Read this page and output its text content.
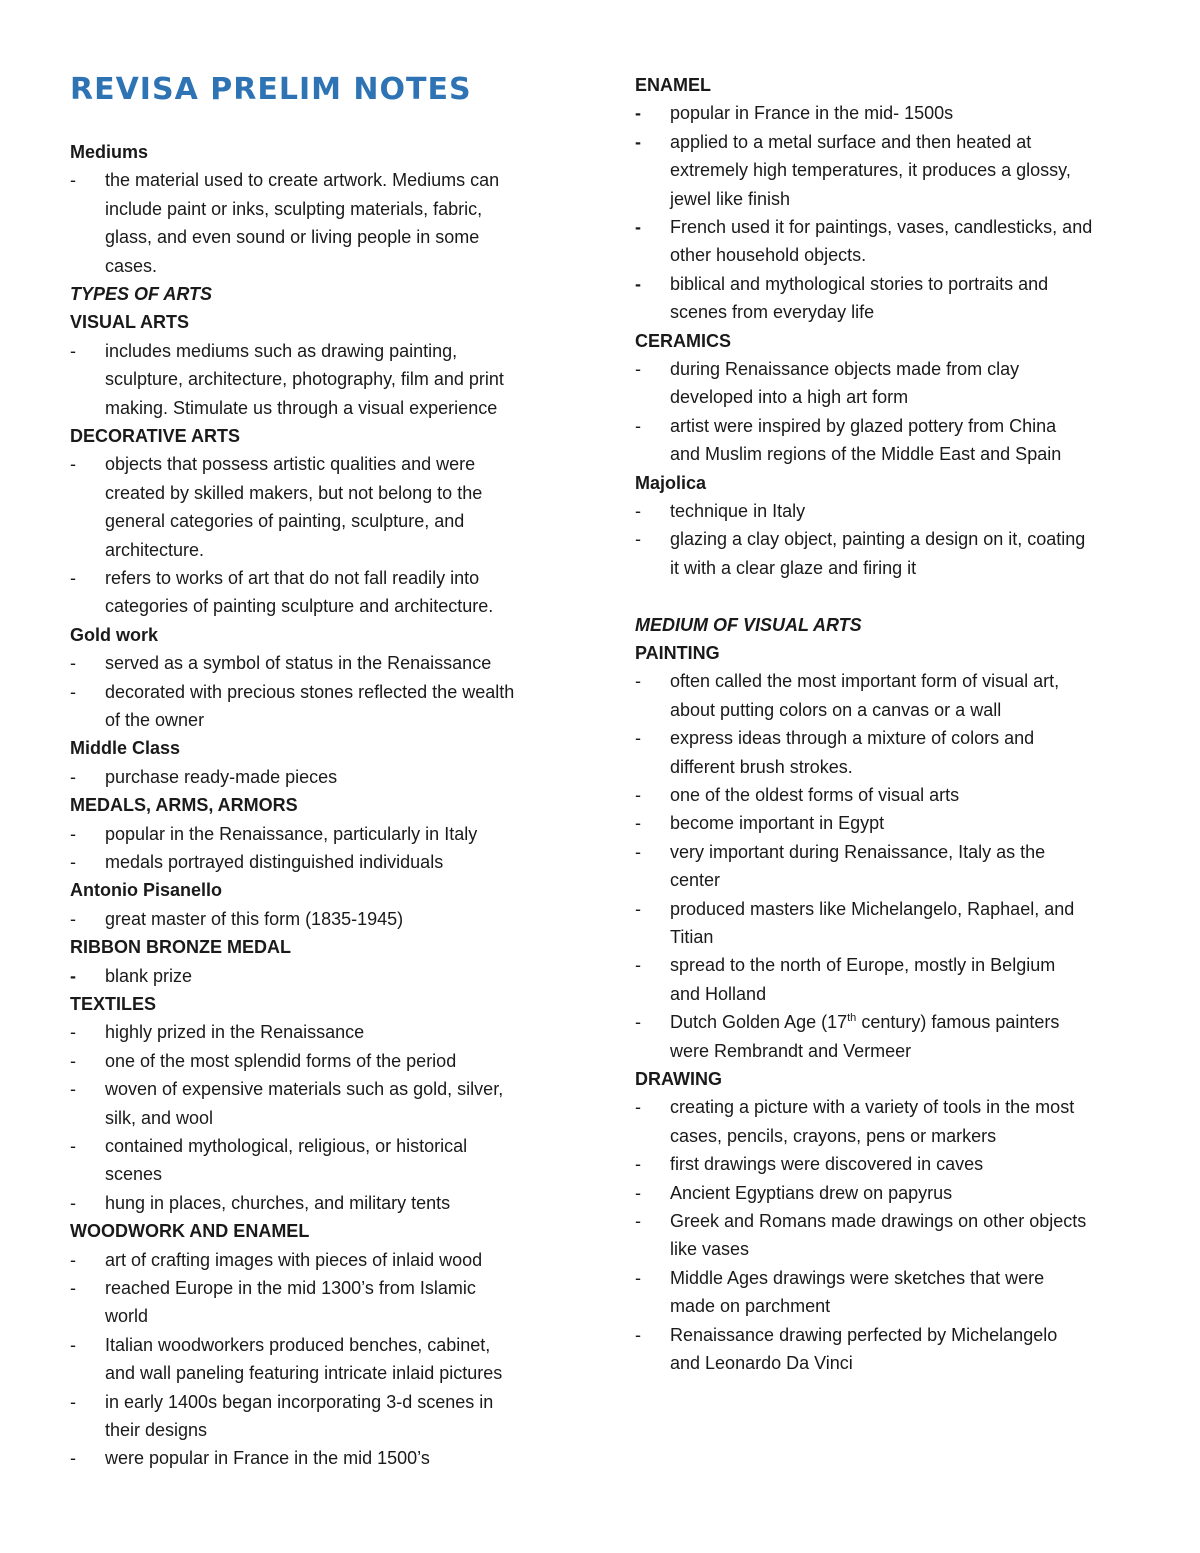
REVISA PRELIM NOTES
Mediums
-	the material used to create artwork. Mediums can
include paint or inks, sculpting materials, fabric,
glass, and even sound or living people in some
cases.
TYPES OF ARTS
VISUAL ARTS
-	includes mediums such as drawing painting,
sculpture, architecture, photography, film and print
making. Stimulate us through a visual experience
DECORATIVE ARTS
-	objects that possess artistic qualities and were
created by skilled makers, but not belong to the
general categories of painting, sculpture, and
architecture.
-	refers to works of art that do not fall readily into
categories of painting sculpture and architecture.
Gold work
-	served as a symbol of status in the Renaissance
-	decorated with precious stones reflected the wealth
of the owner
Middle Class
-	purchase ready-made pieces
MEDALS, ARMS, ARMORS
-	popular in the Renaissance, particularly in Italy
-	medals portrayed distinguished individuals
Antonio Pisanello
-	great master of this form (1835-1945)
RIBBON BRONZE MEDAL
-	blank prize
TEXTILES
-	highly prized in the Renaissance
-	one of the most splendid forms of the period
-	woven of expensive materials such as gold, silver,
silk, and wool
-	contained mythological, religious, or historical
scenes
-	hung in places, churches, and military tents
WOODWORK AND ENAMEL
-	art of crafting images with pieces of inlaid wood
-	reached Europe in the mid 1300’s from Islamic
world
-	Italian woodworkers produced benches, cabinet,
and wall paneling featuring intricate inlaid pictures
-	in early 1400s began incorporating 3-d scenes in
their designs
-	were popular in France in the mid 1500’s
ENAMEL
-	popular in France in the mid- 1500s
-	applied to a metal surface and then heated at
extremely high temperatures, it produces a glossy,
jewel like finish
-	French used it for paintings, vases, candlesticks, and
other household objects.
-	biblical and mythological stories to portraits and
scenes from everyday life
CERAMICS
-	during Renaissance objects made from clay
developed into a high art form
-	artist were inspired by glazed pottery from China
and Muslim regions of the Middle East and Spain
Majolica
-	technique in Italy
-	glazing a clay object, painting a design on it, coating
it with a clear glaze and firing it
MEDIUM OF VISUAL ARTS
PAINTING
-	often called the most important form of visual art,
about putting colors on a canvas or a wall
-	express ideas through a mixture of colors and
different brush strokes.
-	one of the oldest forms of visual arts
-	become important in Egypt
-	very important during Renaissance, Italy as the
center
-	produced masters like Michelangelo, Raphael, and
Titian
-	spread to the north of Europe, mostly in Belgium
and Holland
-	Dutch Golden Age (17th century) famous painters
were Rembrandt and Vermeer
DRAWING
-	creating a picture with a variety of tools in the most
cases, pencils, crayons, pens or markers
-	first drawings were discovered in caves
-	Ancient Egyptians drew on papyrus
-	Greek and Romans made drawings on other objects
like vases
-	Middle Ages drawings were sketches that were
made on parchment
-	Renaissance drawing perfected by Michelangelo
and Leonardo Da Vinci
